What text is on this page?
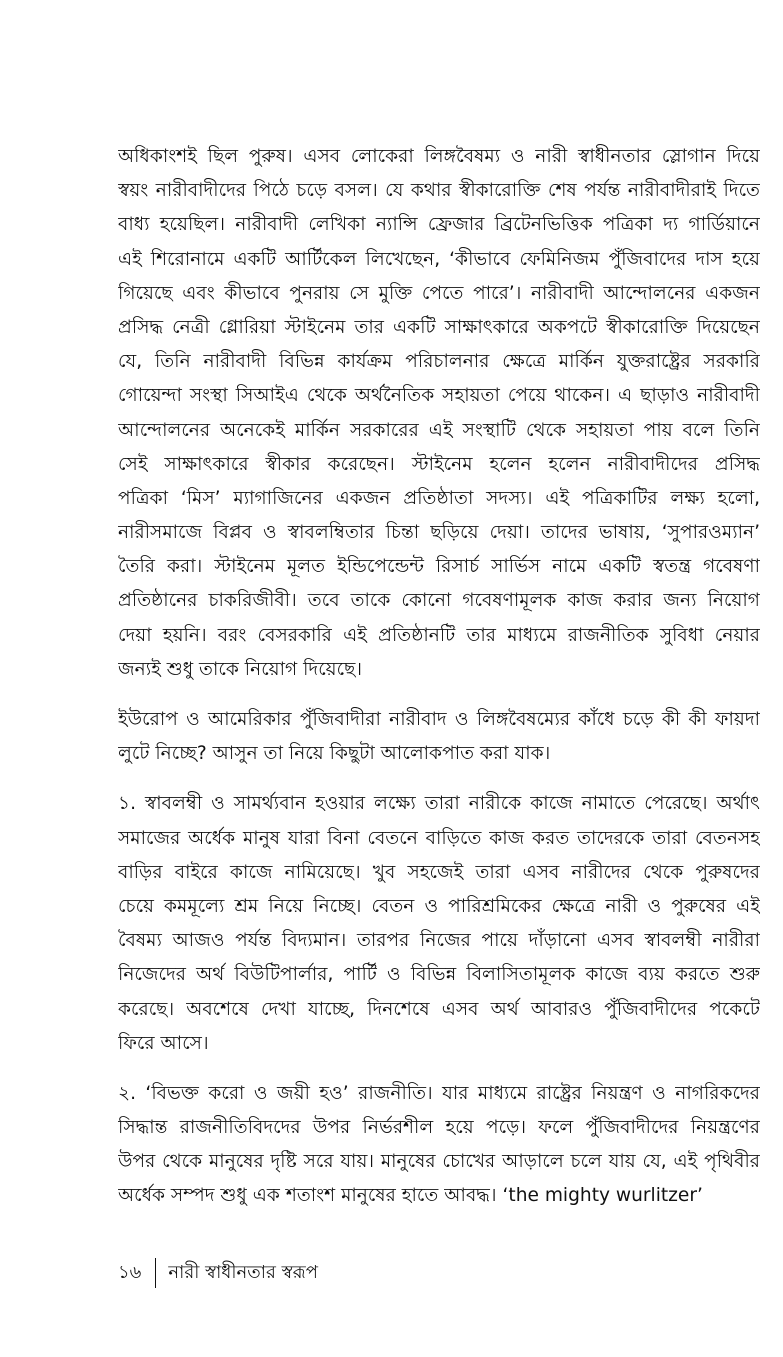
অধিকাংশই ছিল পুরুষ। এসব লোকেরা লিঙ্গবৈষম্য ও নারী স্বাধীনতার স্লোগান দিয়ে
স্বয়ং নারীবাদীদের পিঠে চড়ে বসল। যে কথার স্বীকারোক্তি শেষ পর্যন্ত নারীবাদীরাই দিতে
বাধ্য হয়েছিল। নারীবাদী লেখিকা ন্যান্সি ফ্রেজার ব্রিটেনভিত্তিক পত্রিকা দ্য গার্ডিয়ানে
এই শিরোনামে একটি আর্টিকেল লিখেছেন, ‘কীভাবে ফেমিনিজম পুঁজিবাদের দাস হয়ে
গিয়েছে এবং কীভাবে পুনরায় সে মুক্তি পেতে পারে’। নারীবাদী আন্দোলনের একজন
প্রসিদ্ধ নেত্রী গ্লোরিয়া স্টাইনেম তার একটি সাক্ষাৎকারে অকপটে স্বীকারোক্তি দিয়েছেন
যে, তিনি নারীবাদী বিভিন্ন কার্যক্রম পরিচালনার ক্ষেত্রে মার্কিন যুক্তরাষ্ট্রের সরকারি
গোয়েন্দা সংস্থা সিআইএ থেকে অর্থনৈতিক সহায়তা পেয়ে থাকেন। এ ছাড়াও নারীবাদী
আন্দোলনের অনেকেই মার্কিন সরকারের এই সংস্থাটি থেকে সহায়তা পায় বলে তিনি
সেই সাক্ষাৎকারে স্বীকার করেছেন। স্টাইনেম হলেন হলেন নারীবাদীদের প্রসিদ্ধ
পত্রিকা ‘মিস’ ম্যাগাজিনের একজন প্রতিষ্ঠাতা সদস্য। এই পত্রিকাটির লক্ষ্য হলো,
নারীসমাজে বিপ্লব ও স্বাবলম্বিতার চিন্তা ছড়িয়ে দেয়া। তাদের ভাষায়, ‘সুপারওম্যান’
তৈরি করা। স্টাইনেম মূলত ইন্ডিপেন্ডেন্ট রিসার্চ সার্ভিস নামে একটি স্বতন্ত্র গবেষণা
প্রতিষ্ঠানের চাকরিজীবী। তবে তাকে কোনো গবেষণামূলক কাজ করার জন্য নিয়োগ
দেয়া হয়নি। বরং বেসরকারি এই প্রতিষ্ঠানটি তার মাধ্যমে রাজনীতিক সুবিধা নেয়ার
জন্যই শুধু তাকে নিয়োগ দিয়েছে।
ইউরোপ ও আমেরিকার পুঁজিবাদীরা নারীবাদ ও লিঙ্গবৈষম্যের কাঁধে চড়ে কী কী ফায়দা
লুটে নিচ্ছে? আসুন তা নিয়ে কিছুটা আলোকপাত করা যাক।
১. স্বাবলম্বী ও সামর্থ্যবান হওয়ার লক্ষ্যে তারা নারীকে কাজে নামাতে পেরেছে। অর্থাৎ
সমাজের অর্ধেক মানুষ যারা বিনা বেতনে বাড়িতে কাজ করত তাদেরকে তারা বেতনসহ
বাড়ির বাইরে কাজে নামিয়েছে। খুব সহজেই তারা এসব নারীদের থেকে পুরুষদের
চেয়ে কমমূল্যে শ্রম নিয়ে নিচ্ছে। বেতন ও পারিশ্রমিকের ক্ষেত্রে নারী ও পুরুষের এই
বৈষম্য আজও পর্যন্ত বিদ্যমান। তারপর নিজের পায়ে দাঁড়ানো এসব স্বাবলম্বী নারীরা
নিজেদের অর্থ বিউটিপার্লার, পার্টি ও বিভিন্ন বিলাসিতামূলক কাজে ব্যয় করতে শুরু
করেছে। অবশেষে দেখা যাচ্ছে, দিনশেষে এসব অর্থ আবারও পুঁজিবাদীদের পকেটে
ফিরে আসে।
২. ‘বিভক্ত করো ও জয়ী হও’ রাজনীতি। যার মাধ্যমে রাষ্ট্রের নিয়ন্ত্রণ ও নাগরিকদের
সিদ্ধান্ত রাজনীতিবিদদের উপর নির্ভরশীল হয়ে পড়ে। ফলে পুঁজিবাদীদের নিয়ন্ত্রণের
উপর থেকে মানুষের দৃষ্টি সরে যায়। মানুষের চোখের আড়ালে চলে যায় যে, এই পৃথিবীর
অর্ধেক সম্পদ শুধু এক শতাংশ মানুষের হাতে আবদ্ধ। ‘the mighty wurlitzer’
১৬ নারী স্বাধীনতার স্বরূপ
